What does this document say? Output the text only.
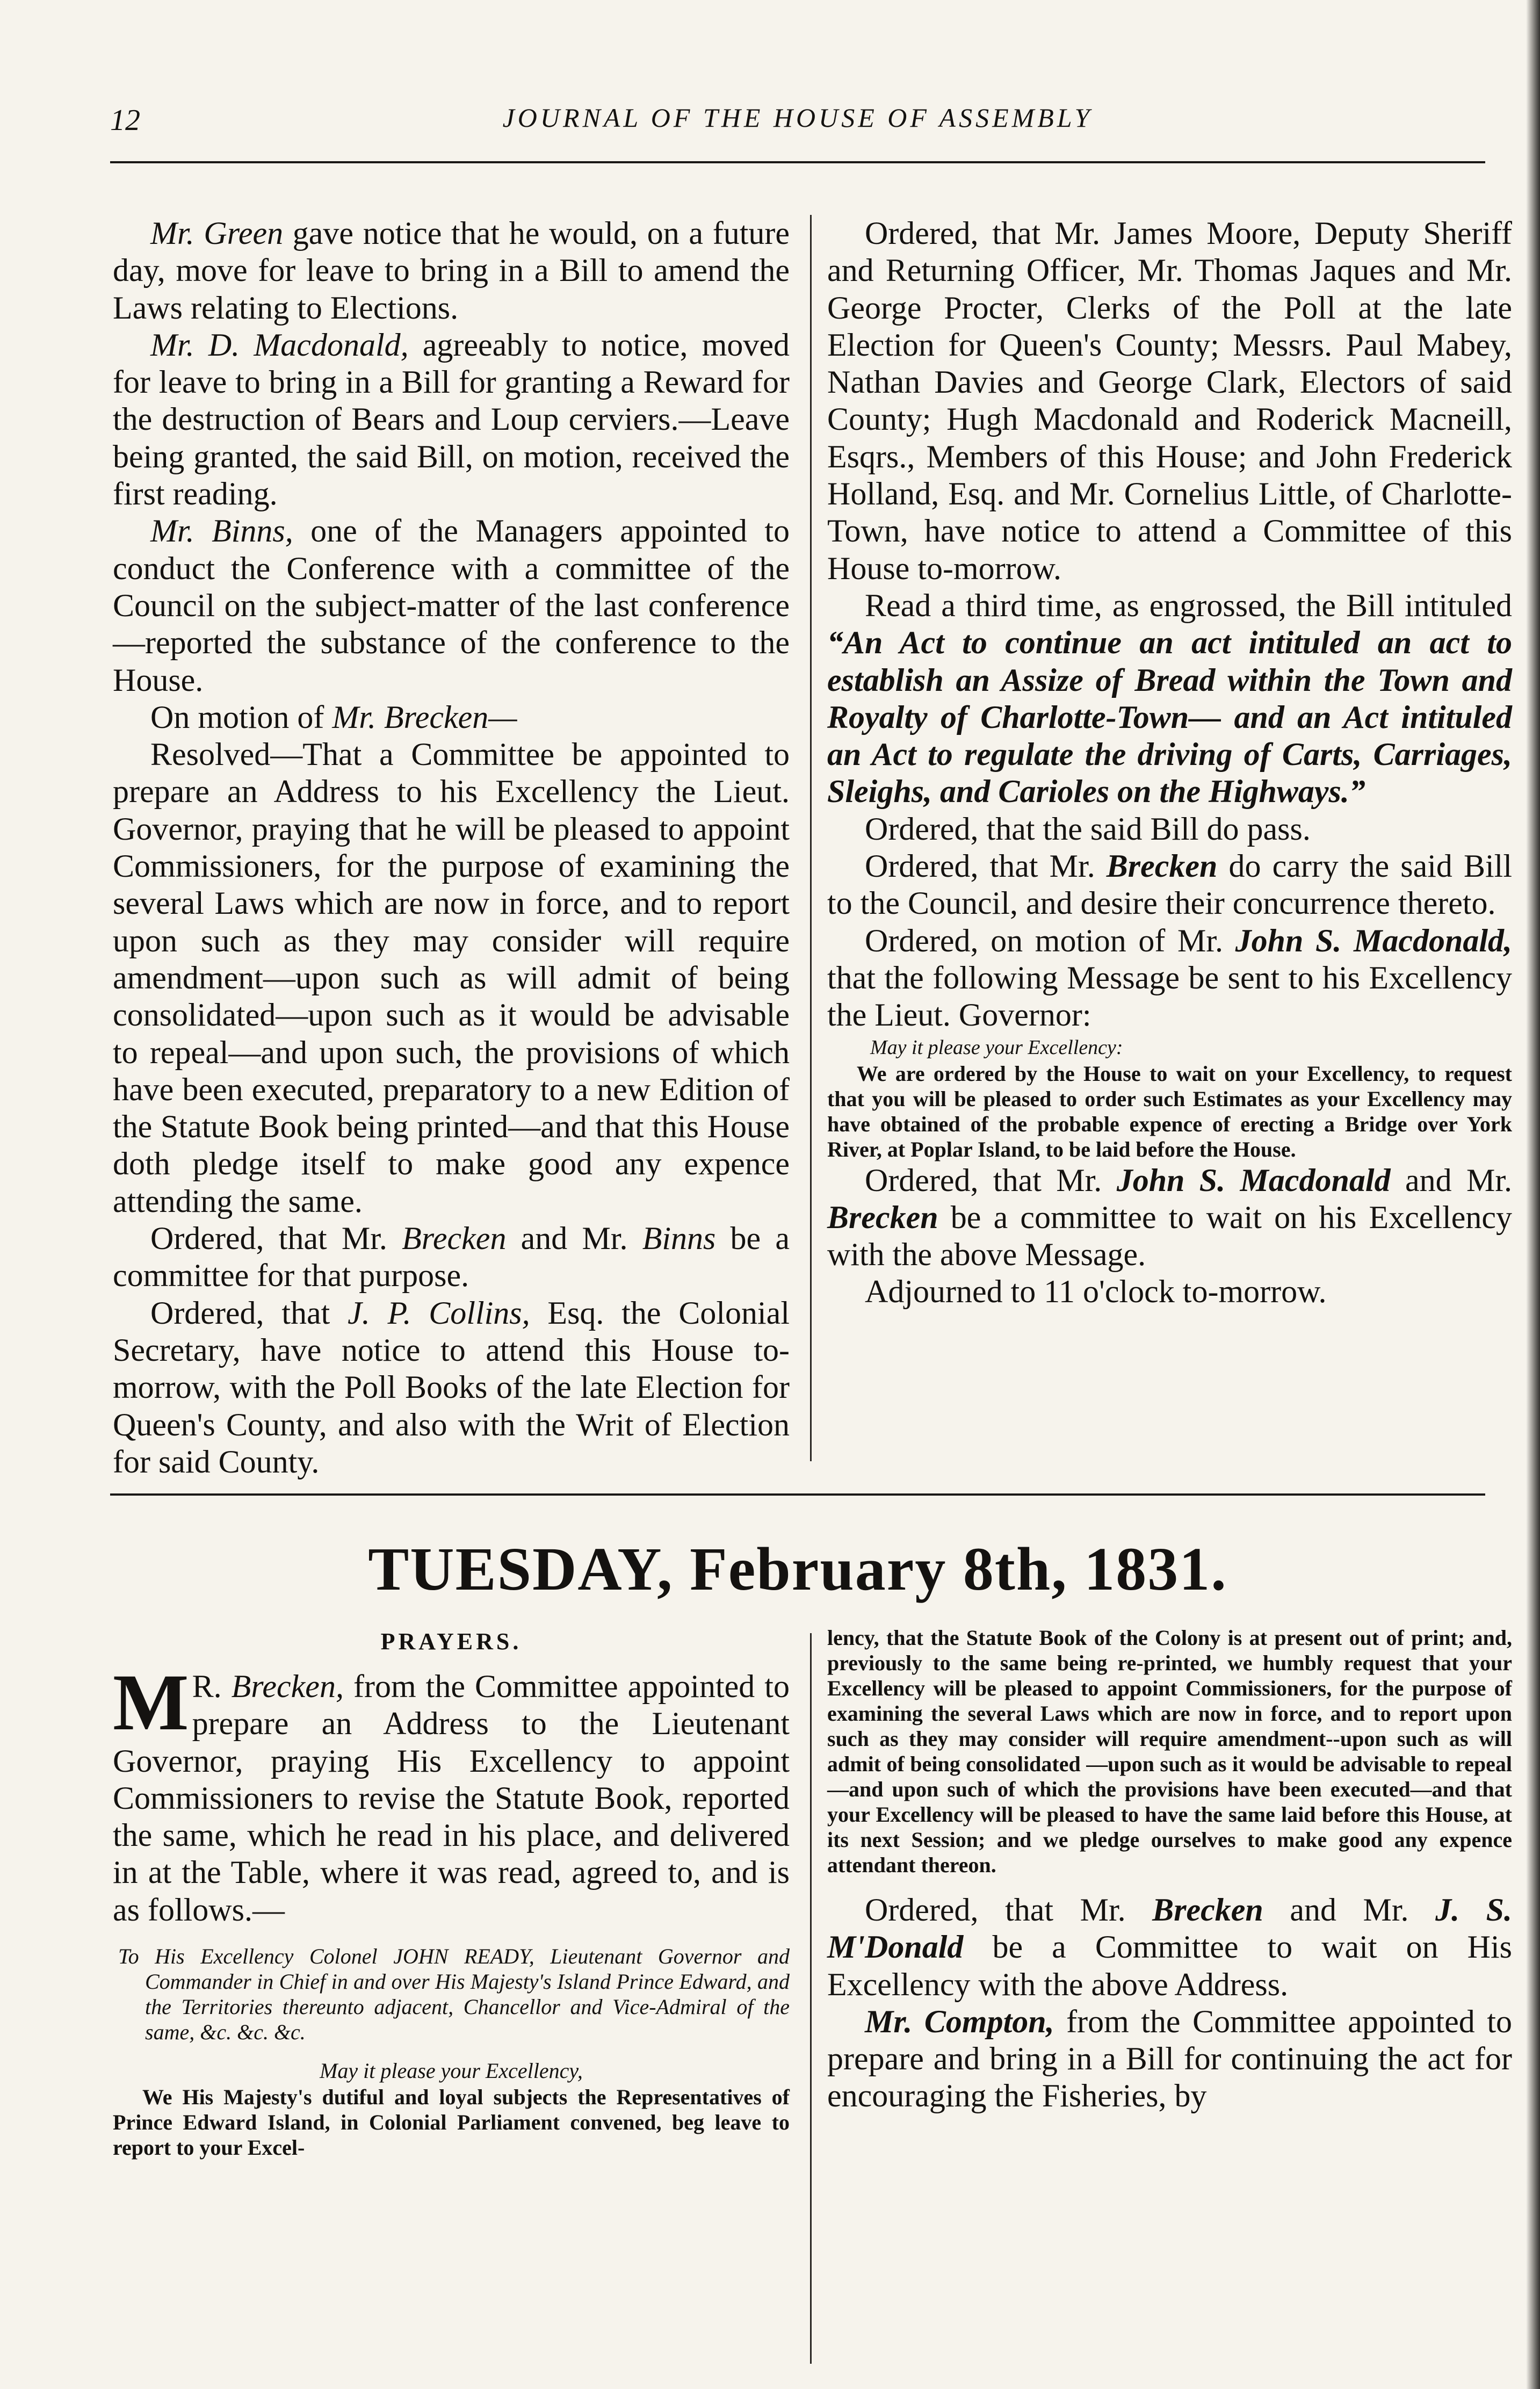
12	JOURNAL OF THE HOUSE OF ASSEMBLY

Mr. Green gave notice that he would, on a future day, move for leave to bring in a Bill to amend the Laws relating to Elections.

Mr. D. Macdonald, agreeably to notice, moved for leave to bring in a Bill for granting a Reward for the destruction of Bears and Loup cerviers.—Leave being granted, the said Bill, on motion, received the first reading.

Mr. Binns, one of the Managers appointed to conduct the Conference with a committee of the Council on the subject-matter of the last conference—reported the substance of the conference to the House.

On motion of Mr. Brecken—

Resolved—That a Committee be appointed to prepare an Address to his Excellency the Lieut. Governor, praying that he will be pleased to appoint Commissioners, for the purpose of examining the several Laws which are now in force, and to report upon such as they may consider will require amendment—upon such as will admit of being consolidated—upon such as it would be advisable to repeal—and upon such, the provisions of which have been executed, preparatory to a new Edition of the Statute Book being printed—and that this House doth pledge itself to make good any expence attending the same.

Ordered, that Mr. Brecken and Mr. Binns be a committee for that purpose.

Ordered, that J. P. Collins, Esq. the Colonial Secretary, have notice to attend this House to-morrow, with the Poll Books of the late Election for Queen's County, and also with the Writ of Election for said County.

Ordered, that Mr. James Moore, Deputy Sheriff and Returning Officer, Mr. Thomas Jaques and Mr. George Procter, Clerks of the Poll at the late Election for Queen's County; Messrs. Paul Mabey, Nathan Davies and George Clark, Electors of said County; Hugh Macdonald and Roderick Macneill, Esqrs., Members of this House; and John Frederick Holland, Esq. and Mr. Cornelius Little, of Charlotte-Town, have notice to attend a Committee of this House to-morrow.

Read a third time, as engrossed, the Bill intituled “An Act to continue an act intituled an act to establish an Assize of Bread within the Town and Royalty of Charlotte-Town— and an Act intituled an Act to regulate the driving of Carts, Carriages, Sleighs, and Carioles on the Highways.”

Ordered, that the said Bill do pass.

Ordered, that Mr. Brecken do carry the said Bill to the Council, and desire their concurrence thereto.

Ordered, on motion of Mr. John S. Macdonald, that the following Message be sent to his Excellency the Lieut. Governor:

May it please your Excellency:
We are ordered by the House to wait on your Excellency, to request that you will be pleased to order such Estimates as your Excellency may have obtained of the probable expence of erecting a Bridge over York River, at Poplar Island, to be laid before the House.

Ordered, that Mr. John S. Macdonald and Mr. Brecken be a committee to wait on his Excellency with the above Message.

Adjourned to 11 o'clock to-morrow.

TUESDAY, February 8th, 1831.
PRAYERS.

M R. Brecken, from the Committee appointed to prepare an Address to the Lieutenant Governor, praying His Excellency to appoint Commissioners to revise the Statute Book, reported the same, which he read in his place, and delivered in at the Table, where it was read, agreed to, and is as follows.—

To His Excellency Colonel JOHN READY, Lieutenant Governor and Commander in Chief in and over His Majesty's Island Prince Edward, and the Territories thereunto adjacent, Chancellor and Vice-Admiral of the same, &c. &c. &c.
May it please your Excellency,
We His Majesty's dutiful and loyal subjects the Representatives of Prince Edward Island, in Colonial Parliament convened, beg leave to report to your Excel-
lency, that the Statute Book of the Colony is at present out of print; and, previously to the same being re-printed, we humbly request that your Excellency will be pleased to appoint Commissioners, for the purpose of examining the several Laws which are now in force, and to report upon such as they may consider will require amendment--upon such as will admit of being consolidated —upon such as it would be advisable to repeal—and upon such of which the provisions have been executed—and that your Excellency will be pleased to have the same laid before this House, at its next Session; and we pledge ourselves to make good any expence attendant thereon.

Ordered, that Mr. Brecken and Mr. J. S. M'Donald be a Committee to wait on His Excellency with the above Address.

Mr. Compton, from the Committee appointed to prepare and bring in a Bill for continuing the act for encouraging the Fisheries, by
